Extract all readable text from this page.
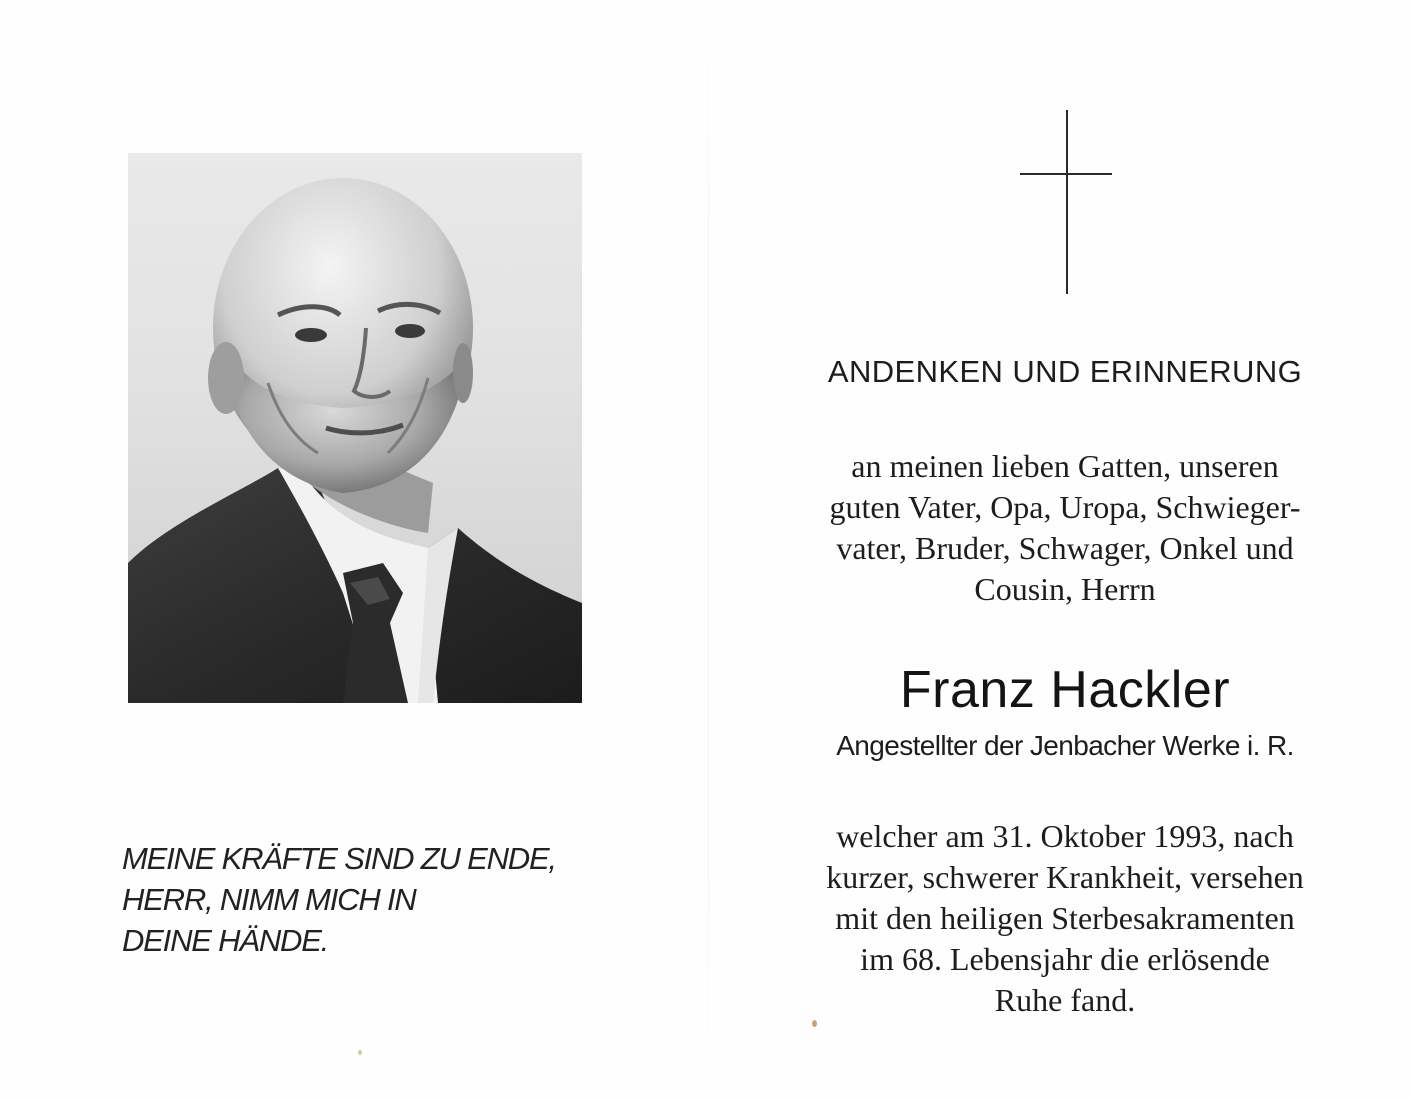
MEINE KRÄFTE SIND ZU ENDE,
HERR, NIMM MICH IN
DEINE HÄNDE.
ANDENKEN UND ERINNERUNG
an meinen lieben Gatten, unseren
guten Vater, Opa, Uropa, Schwieger-
vater, Bruder, Schwager, Onkel und
Cousin, Herrn
Franz Hackler
Angestellter der Jenbacher Werke i. R.
welcher am 31. Oktober 1993, nach
kurzer, schwerer Krankheit, versehen
mit den heiligen Sterbesakramenten
im 68. Lebensjahr die erlösende
Ruhe fand.
